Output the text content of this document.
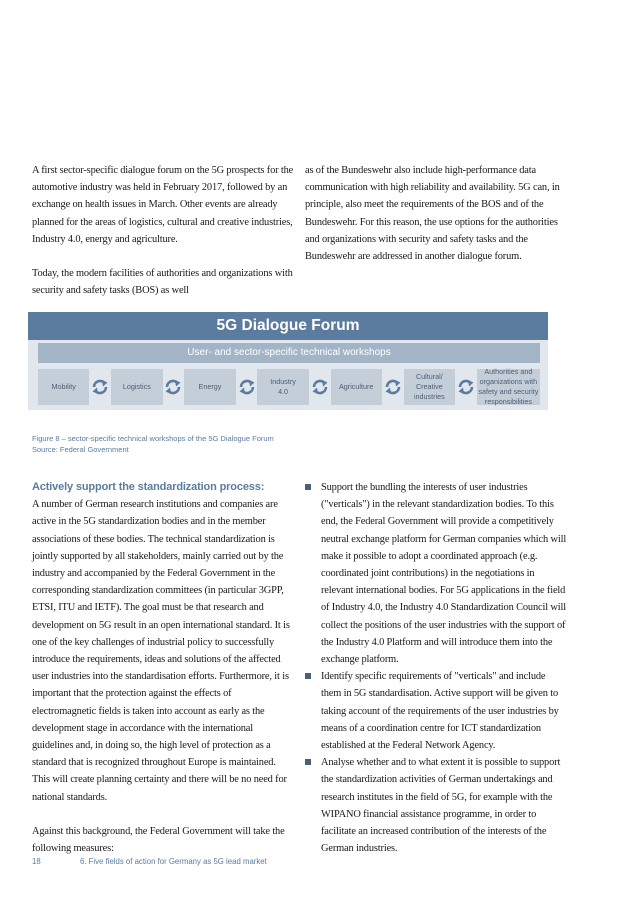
A first sector-specific dialogue forum on the 5G prospects for the automotive industry was held in February 2017, followed by an exchange on health issues in March. Other events are already planned for the areas of logistics, cultural and creative industries, Industry 4.0, energy and agriculture.

Today, the modern facilities of authorities and organizations with security and safety tasks (BOS) as well

as of the Bundeswehr also include high-performance data communication with high reliability and availability. 5G can, in principle, also meet the requirements of the BOS and of the Bundeswehr. For this reason, the use options for the authorities and organizations with security and safety tasks and the Bundeswehr are addressed in another dialogue forum.

5G Dialogue Forum
User- and sector-specific technical workshops
Mobility	Logistics	Energy
Industry
4.0
Agriculture
Cultural/
Creative
industries
Authorities and
organizations with
safety and security
responsibilities
Figure 8 – sector-specific technical workshops of the 5G Dialogue Forum
Source: Federal Government

Actively support the standardization process:

A number of German research institutions and companies are active in the 5G standardization bodies and in the member associations of these bodies. The technical standardization is jointly supported by all stakeholders, mainly carried out by the industry and accompanied by the Federal Government in the corresponding standardization committees (in particular 3GPP, ETSI, ITU and IETF). The goal must be that research and development on 5G result in an open international standard. It is one of the key challenges of industrial policy to successfully introduce the requirements, ideas and solutions of the affected user industries into the standardisation efforts. Furthermore, it is important that the protection against the effects of electromagnetic fields is taken into account as early as the development stage in accordance with the international guidelines and, in doing so, the high level of protection as a standard that is recognized throughout Europe is maintained. This will create planning certainty and there will be no need for national standards.

Against this background, the Federal Government will take the following measures:

Support the bundling the interests of user industries ("verticals") in the relevant standardization bodies. To this end, the Federal Government will provide a competitively neutral exchange platform for German companies which will make it possible to adopt a coordinated approach (e.g. coordinated joint contributions) in the negotiations in relevant international bodies. For 5G applications in the field of Industry 4.0, the Industry 4.0 Standardization Council will collect the positions of the user industries with the support of the Industry 4.0 Platform and will introduce them into the exchange platform.
Identify specific requirements of "verticals" and include them in 5G standardisation. Active support will be given to taking account of the requirements of the user industries by means of a coordination centre for ICT standardization established at the Federal Network Agency.
Analyse whether and to what extent it is possible to support the standardization activities of German undertakings and research institutes in the field of 5G, for example with the WIPANO financial assistance programme, in order to facilitate an increased contribution of the interests of the German industries.
18	6. Five fields of action for Germany as 5G lead market
